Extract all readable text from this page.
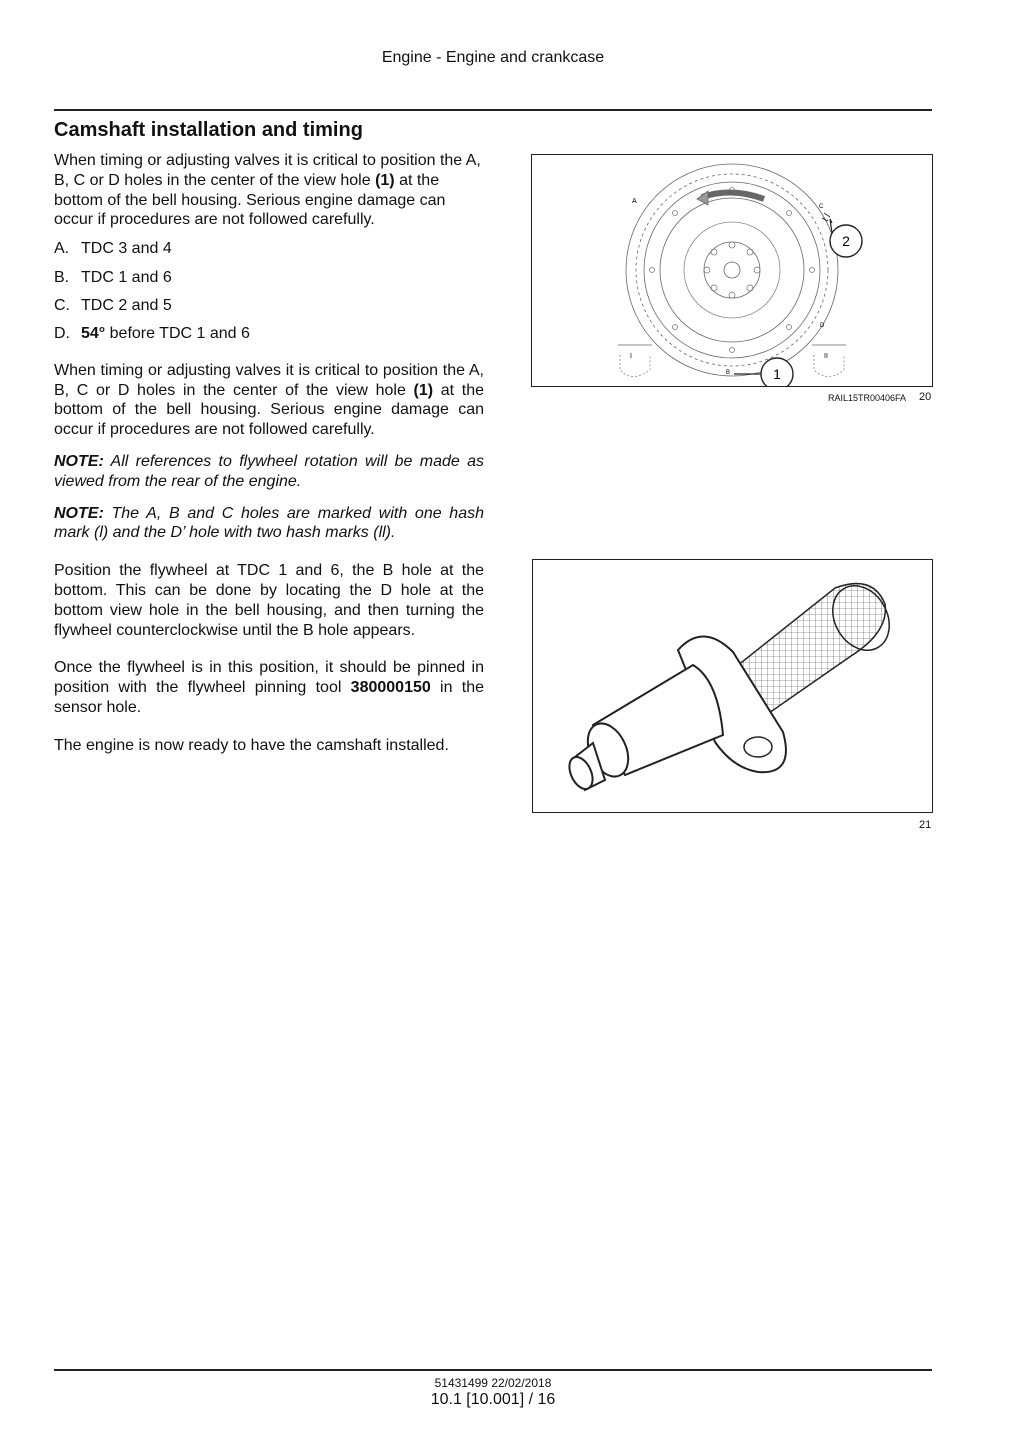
Engine - Engine and crankcase
Camshaft installation and timing

When timing or adjusting valves it is critical to position the A, B, C or D holes in the center of the view hole (1) at the bottom of the bell housing. Serious engine damage can occur if procedures are not followed carefully.

A. TDC 3 and 4
B. TDC 1 and 6
C. TDC 2 and 5
D. 54° before TDC 1 and 6

When timing or adjusting valves it is critical to position the A, B, C or D holes in the center of the view hole (1) at the bottom of the bell housing. Serious engine damage can occur if procedures are not followed carefully.

NOTE: All references to flywheel rotation will be made as viewed from the rear of the engine.

NOTE: The A, B and C holes are marked with one hash mark (l) and the D’ hole with two hash marks (ll).

Position the flywheel at TDC 1 and 6, the B hole at the bottom. This can be done by locating the D hole at the bottom view hole in the bell housing, and then turning the flywheel counterclockwise until the B hole appears.

Once the flywheel is in this position, it should be pinned in position with the flywheel pinning tool 380000150 in the sensor hole.

The engine is now ready to have the camshaft installed.

A
C
D
B
I	II
1
2
RAIL15TR00406FA 20
21
51431499 22/02/2018
10.1 [10.001] / 16
